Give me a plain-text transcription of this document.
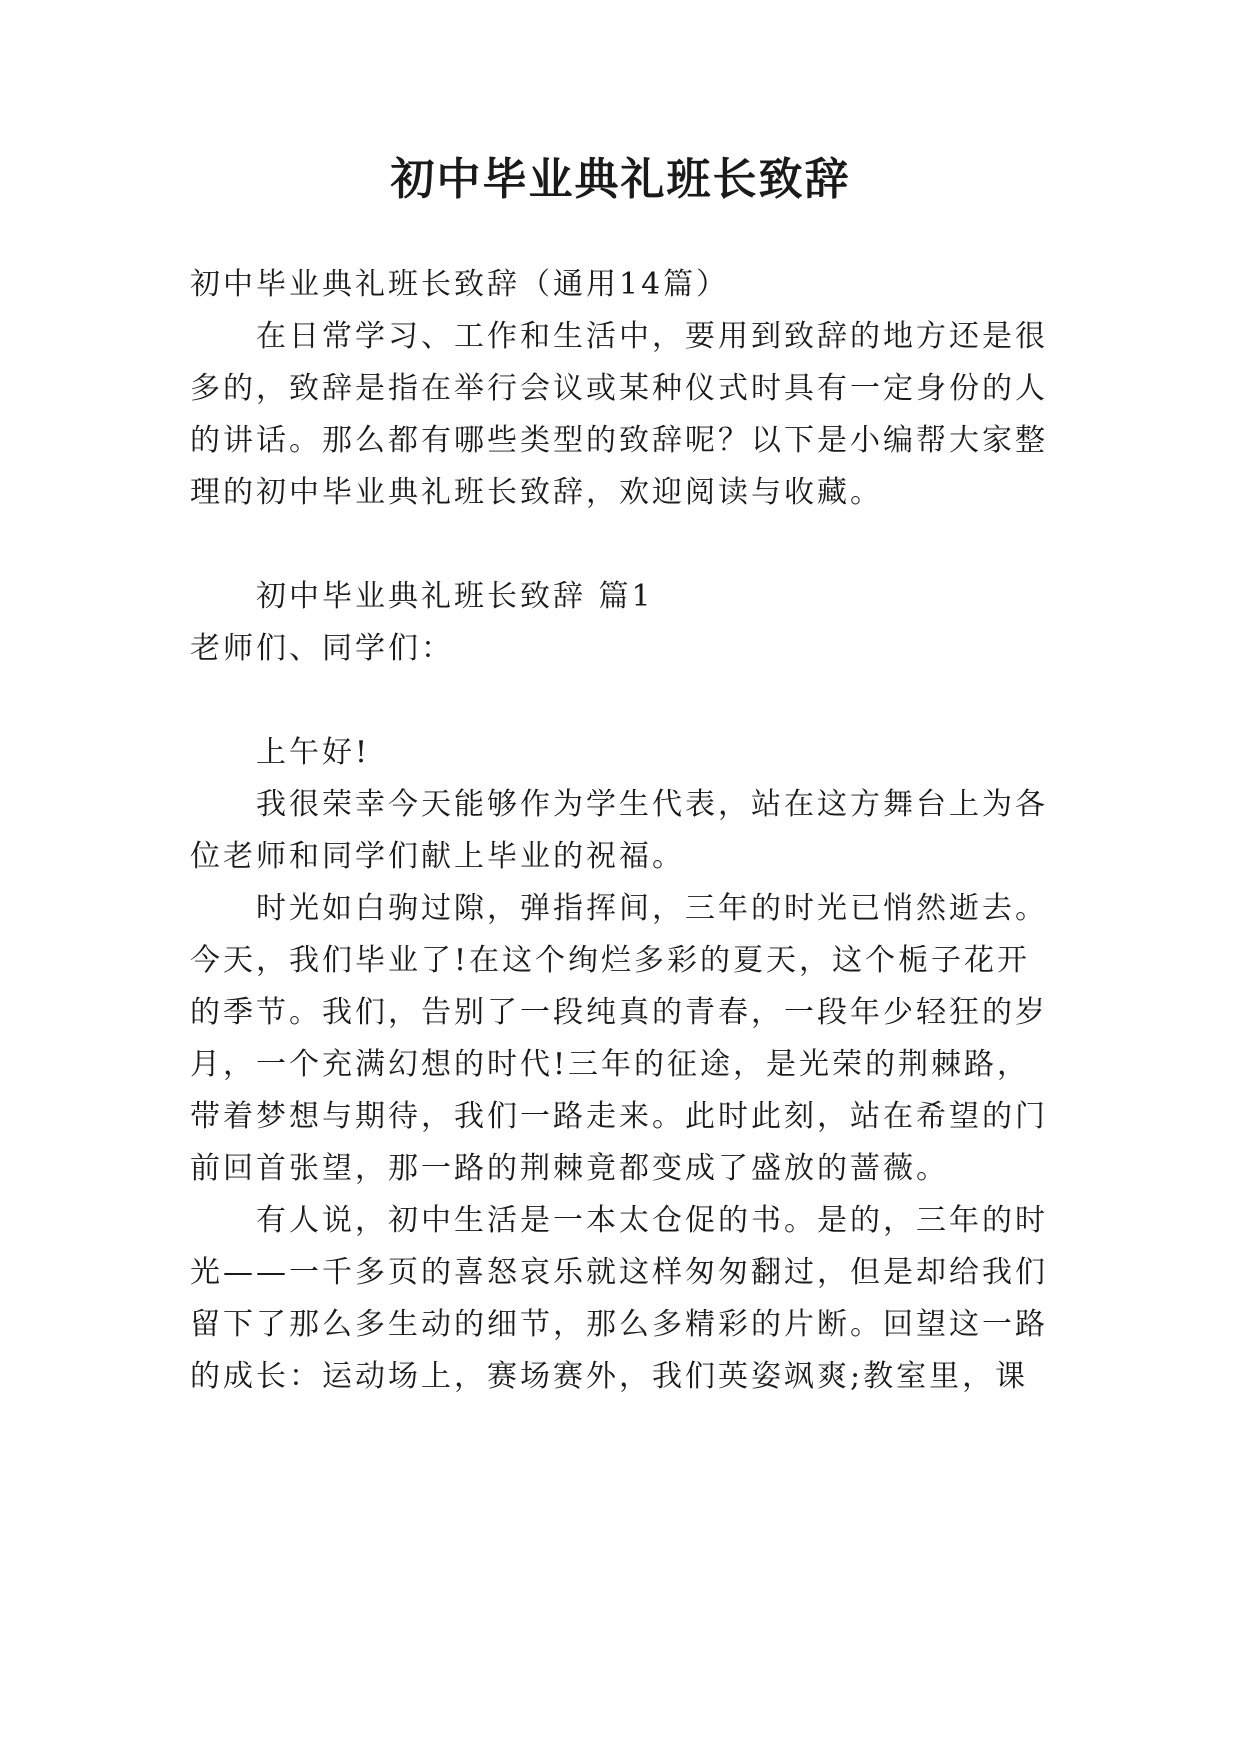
初中毕业典礼班长致辞
初中毕业典礼班长致辞（通用14篇）
在日常学习、工作和生活中，要用到致辞的地方还是很
多的，致辞是指在举行会议或某种仪式时具有一定身份的人
的讲话。那么都有哪些类型的致辞呢？以下是小编帮大家整
理的初中毕业典礼班长致辞，欢迎阅读与收藏。
初中毕业典礼班长致辞 篇1
老师们、同学们：
上午好!
我很荣幸今天能够作为学生代表，站在这方舞台上为各
位老师和同学们献上毕业的祝福。
时光如白驹过隙，弹指挥间，三年的时光已悄然逝去。
今天，我们毕业了!在这个绚烂多彩的夏天，这个栀子花开
的季节。我们，告别了一段纯真的青春，一段年少轻狂的岁
月，一个充满幻想的时代!三年的征途，是光荣的荆棘路，
带着梦想与期待，我们一路走来。此时此刻，站在希望的门
前回首张望，那一路的荆棘竟都变成了盛放的蔷薇。
有人说，初中生活是一本太仓促的书。是的，三年的时
光——一千多页的喜怒哀乐就这样匆匆翻过，但是却给我们
留下了那么多生动的细节，那么多精彩的片断。回望这一路
的成长：运动场上，赛场赛外，我们英姿飒爽;教室里，课
